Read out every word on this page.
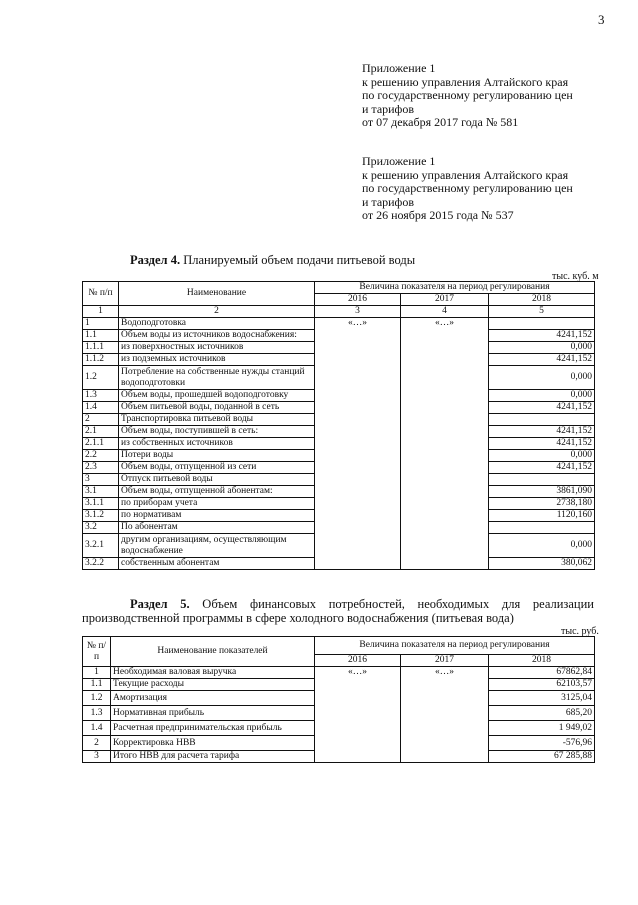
3
Приложение 1
к решению управления Алтайского края
по государственному регулированию цен
и тарифов
от 07 декабря 2017 года № 581
Приложение 1
к решению управления Алтайского края
по государственному регулированию цен
и тарифов
от 26 ноября 2015 года № 537
Раздел 4. Планируемый объем подачи питьевой воды
тыс. куб. м
№ п/п	Наименование	Величина показателя на период регулирования		
		2016	2017	2018
1	2	3	4	5
1	Водоподготовка	«…»	«…»	
1.1	Объем воды из источников водоснабжения:			4241,152
1.1.1	из поверхностных источников			0,000
1.1.2	из подземных источников			4241,152
1.2	Потребление на собственные нужды станций водоподготовки			0,000
1.3	Объем воды, прошедшей водоподготовку			0,000
1.4	Объем питьевой воды, поданной в сеть			4241,152
2	Транспортировка питьевой воды			
2.1	Объем воды, поступившей в сеть:			4241,152
2.1.1	из собственных источников			4241,152
2.2	Потери воды			0,000
2.3	Объем воды, отпущенной из сети			4241,152
3	Отпуск питьевой воды			
3.1	Объем воды, отпущенной абонентам:			3861,090
3.1.1	по приборам учета			2738,180
3.1.2	по нормативам			1120,160
3.2	По абонентам			
3.2.1	другим организациям, осуществляющим водоснабжение			0,000
3.2.2	собственным абонентам			380,062
Раздел 5. Объем финансовых потребностей, необходимых для реализации производственной программы в сфере холодного водоснабжения (питьевая вода)
тыс. руб.
№ п/п	Наименование показателей	Величина показателя на период регулирования		
		2016	2017	2018
1	Необходимая валовая выручка	«…»	«…»	67862,84
1.1	Текущие расходы			62103,57
1.2	Амортизация			3125,04
1.3	Нормативная прибыль			685,20
1.4	Расчетная предпринимательская прибыль			1 949,02
2	Корректировка НВВ			-576,96
3	Итого НВВ для расчета тарифа			67 285,88
